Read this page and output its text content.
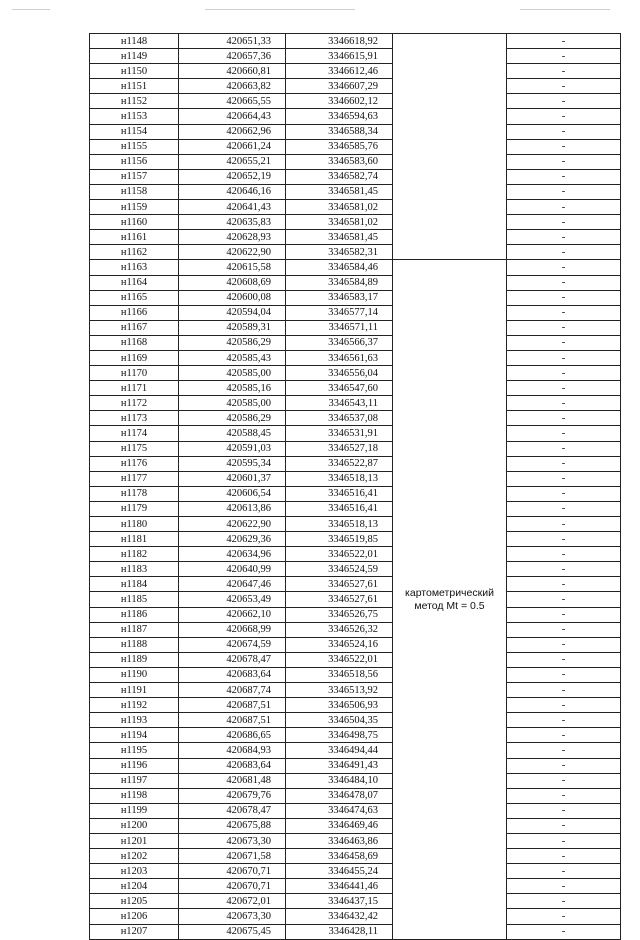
н1148	420651,33	3346618,92		-
н1149	420657,36	3346615,91		-
н1150	420660,81	3346612,46		-
н1151	420663,82	3346607,29		-
н1152	420665,55	3346602,12		-
н1153	420664,43	3346594,63		-
н1154	420662,96	3346588,34		-
н1155	420661,24	3346585,76		-
н1156	420655,21	3346583,60		-
н1157	420652,19	3346582,74		-
н1158	420646,16	3346581,45		-
н1159	420641,43	3346581,02		-
н1160	420635,83	3346581,02		-
н1161	420628,93	3346581,45		-
н1162	420622,90	3346582,31		-
н1163	420615,58	3346584,46	картометрический метод Mt = 0.5	-
н1164	420608,69	3346584,89		-
н1165	420600,08	3346583,17		-
н1166	420594,04	3346577,14		-
н1167	420589,31	3346571,11		-
н1168	420586,29	3346566,37		-
н1169	420585,43	3346561,63		-
н1170	420585,00	3346556,04		-
н1171	420585,16	3346547,60		-
н1172	420585,00	3346543,11		-
н1173	420586,29	3346537,08		-
н1174	420588,45	3346531,91		-
н1175	420591,03	3346527,18		-
н1176	420595,34	3346522,87		-
н1177	420601,37	3346518,13		-
н1178	420606,54	3346516,41		-
н1179	420613,86	3346516,41		-
н1180	420622,90	3346518,13		-
н1181	420629,36	3346519,85		-
н1182	420634,96	3346522,01		-
н1183	420640,99	3346524,59		-
н1184	420647,46	3346527,61		-
н1185	420653,49	3346527,61		-
н1186	420662,10	3346526,75		-
н1187	420668,99	3346526,32		-
н1188	420674,59	3346524,16		-
н1189	420678,47	3346522,01		-
н1190	420683,64	3346518,56		-
н1191	420687,74	3346513,92		-
н1192	420687,51	3346506,93		-
н1193	420687,51	3346504,35		-
н1194	420686,65	3346498,75		-
н1195	420684,93	3346494,44		-
н1196	420683,64	3346491,43		-
н1197	420681,48	3346484,10		-
н1198	420679,76	3346478,07		-
н1199	420678,47	3346474,63		-
н1200	420675,88	3346469,46		-
н1201	420673,30	3346463,86		-
н1202	420671,58	3346458,69		-
н1203	420670,71	3346455,24		-
н1204	420670,71	3346441,46		-
н1205	420672,01	3346437,15		-
н1206	420673,30	3346432,42		-
н1207	420675,45	3346428,11		-
